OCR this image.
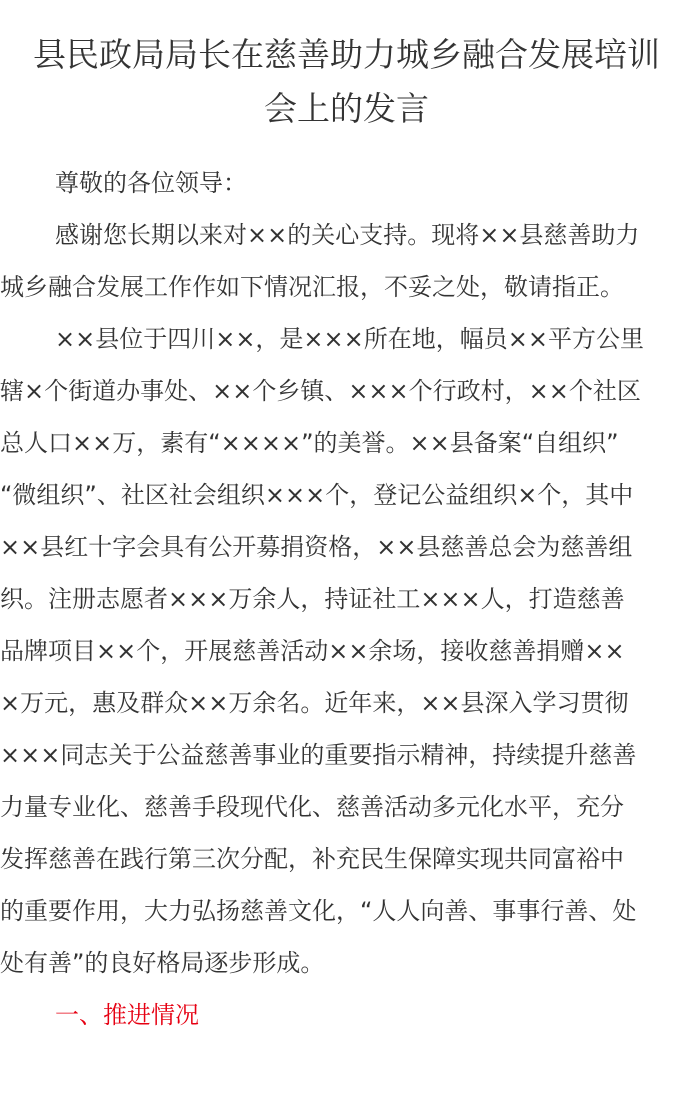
县民政局局长在慈善助力城乡融合发展培训
会上的发言
尊敬的各位领导：
感谢您长期以来对××的关心支持。现将××县慈善助力
城乡融合发展工作作如下情况汇报，不妥之处，敬请指正。
××县位于四川××，是×××所在地，幅员××平方公里
辖×个街道办事处、××个乡镇、×××个行政村，××个社区
总人口××万，素有“××××”的美誉。××县备案“自组织”
“微组织”、社区社会组织×××个，登记公益组织×个，其中
××县红十字会具有公开募捐资格，××县慈善总会为慈善组
织。注册志愿者×××万余人，持证社工×××人，打造慈善
品牌项目××个，开展慈善活动××余场，接收慈善捐赠××
×万元，惠及群众××万余名。近年来，××县深入学习贯彻
×××同志关于公益慈善事业的重要指示精神，持续提升慈善
力量专业化、慈善手段现代化、慈善活动多元化水平，充分
发挥慈善在践行第三次分配，补充民生保障实现共同富裕中
的重要作用，大力弘扬慈善文化，“人人向善、事事行善、处
处有善”的良好格局逐步形成。
一、推进情况
